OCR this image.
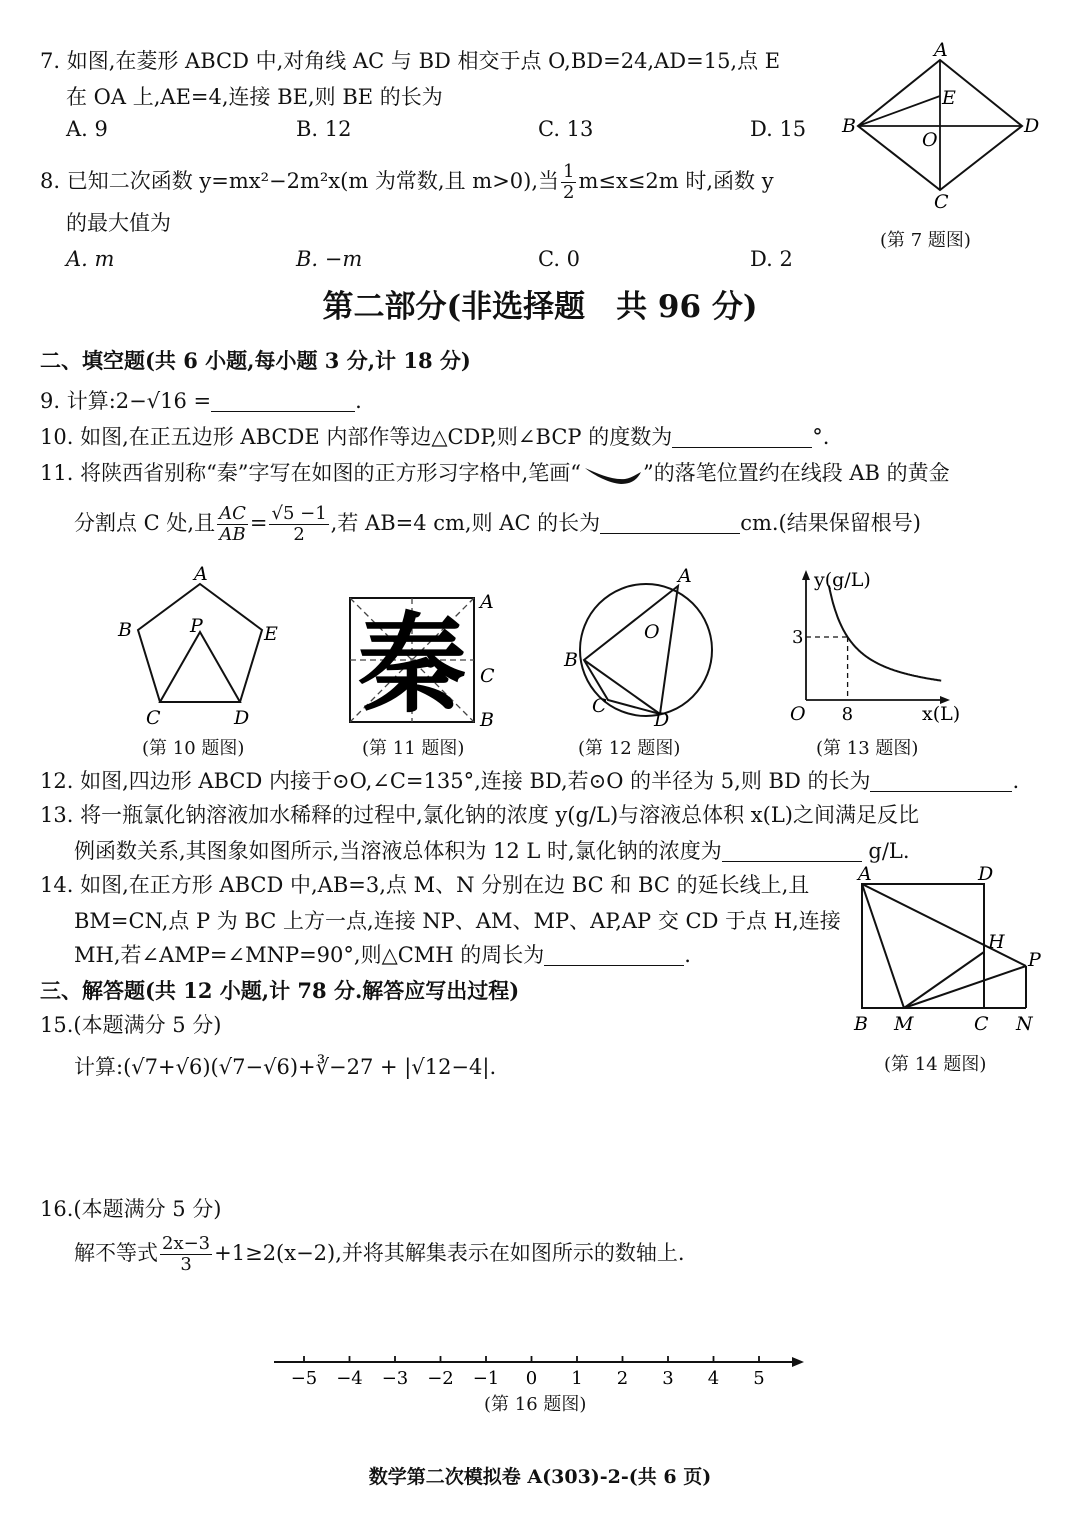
7. 如图,在菱形 ABCD 中,对角线 AC 与 BD 相交于点 O,BD=24,AD=15,点 E
在 OA 上,AE=4,连接 BE,则 BE 的长为
A. 9	B. 12	C. 13	D. 15
A
B
C
D
E
O
(第 7 题图)
8. 已知二次函数 y=mx²−2m²x(m 为常数,且 m>0),当 $\frac{1}{2} m\le x\le 2m$ 时,函数 y
的最大值为
A. m	B. −m	C. 0	D. 2
第二部分(非选择题　共 96 分)
二、填空题(共 6 小题,每小题 3 分,计 18 分)
9. 计算:2−√16 =	.
10. 如图,在正五边形 ABCDE 内部作等边△CDP,则∠BCP 的度数为	°.
11. 将陕西省别称“秦”字写在如图的正方形习字格中,笔画“	”的落笔位置约在线段 AB 的黄金
分割点 C 处,且 $\frac{AC}{AB} = \frac{√5 -1}{2}$ ,若 AB=4 cm,则 AC 的长为	cm.(结果保留根号)
A
B
C	D
E
P
(第 10 题图)
秦 A
C
B
(第 11 题图)
A
B
C
D
O
(第 12 题图)
y(g/L)
x(L)
O
3
8
(第 13 题图)
12. 如图,四边形 ABCD 内接于⊙O,∠C=135°,连接 BD,若⊙O 的半径为 5,则 BD 的长为	.
13. 将一瓶氯化钠溶液加水稀释的过程中,氯化钠的浓度 y(g/L)与溶液总体积 x(L)之间满足反比
例函数关系,其图象如图所示,当溶液总体积为 12 L 时,氯化钠的浓度为	g/L.
14. 如图,在正方形 ABCD 中,AB=3,点 M、N 分别在边 BC 和 BC 的延长线上,且
BM=CN,点 P 为 BC 上方一点,连接 NP、AM、MP、AP,AP 交 CD 于点 H,连接
MH,若∠AMP=∠MNP=90°,则△CMH 的周长为	.
A	D
B M	C N
H
P
(第 14 题图)
三、解答题(共 12 小题,计 78 分.解答应写出过程)
15.(本题满分 5 分)
计算:(√7+√6)(√7−√6)+∛−27 + |√12−4|.
16.(本题满分 5 分)
解不等式 $\frac{2x-3}{3} +1\ge 2(x-2)$,并将其解集表示在如图所示的数轴上.
−5 −4 −3 −2 −1 0 1 2 3 4 5
(第 16 题图)
数学第二次模拟卷 A(303)-2-(共 6 页)
